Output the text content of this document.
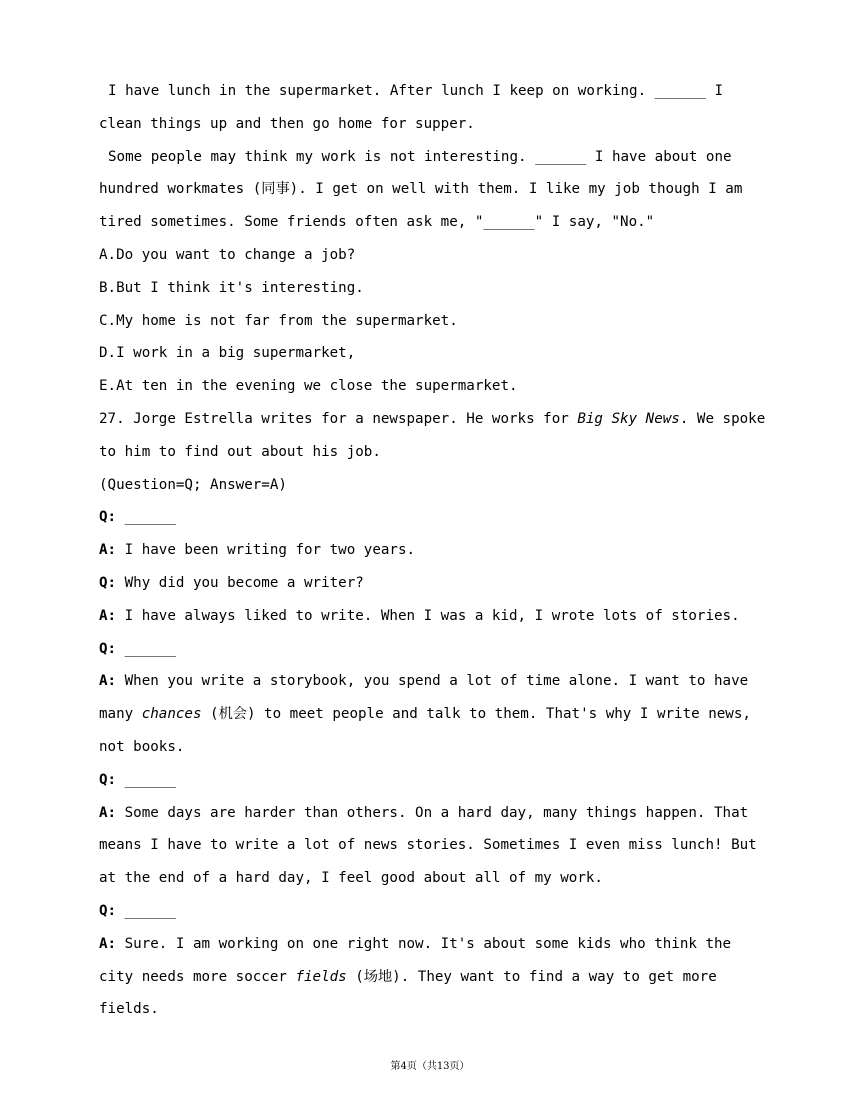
I have lunch in the supermarket. After lunch I keep on working. ______ I
clean things up and then go home for supper.
Some people may think my work is not interesting. ______ I have about one
hundred workmates (同事). I get on well with them. I like my job though I am
tired sometimes. Some friends often ask me, "______" I say, "No."
A.Do you want to change a job?
B.But I think it's interesting.
C.My home is not far from the supermarket.
D.I work in a big supermarket,
E.At ten in the evening we close the supermarket.
27. Jorge Estrella writes for a newspaper. He works for Big Sky News. We spoke
to him to find out about his job.
(Question=Q; Answer=A)
Q: ______
A: I have been writing for two years.
Q: Why did you become a writer?
A: I have always liked to write. When I was a kid, I wrote lots of stories.
Q: ______
A: When you write a storybook, you spend a lot of time alone. I want to have
many chances (机会) to meet people and talk to them. That's why I write news,
not books.
Q: ______
A: Some days are harder than others. On a hard day, many things happen. That
means I have to write a lot of news stories. Sometimes I even miss lunch! But
at the end of a hard day, I feel good about all of my work.
Q: ______
A: Sure. I am working on one right now. It's about some kids who think the
city needs more soccer fields (场地). They want to find a way to get more
fields.
第4页（共13页）
